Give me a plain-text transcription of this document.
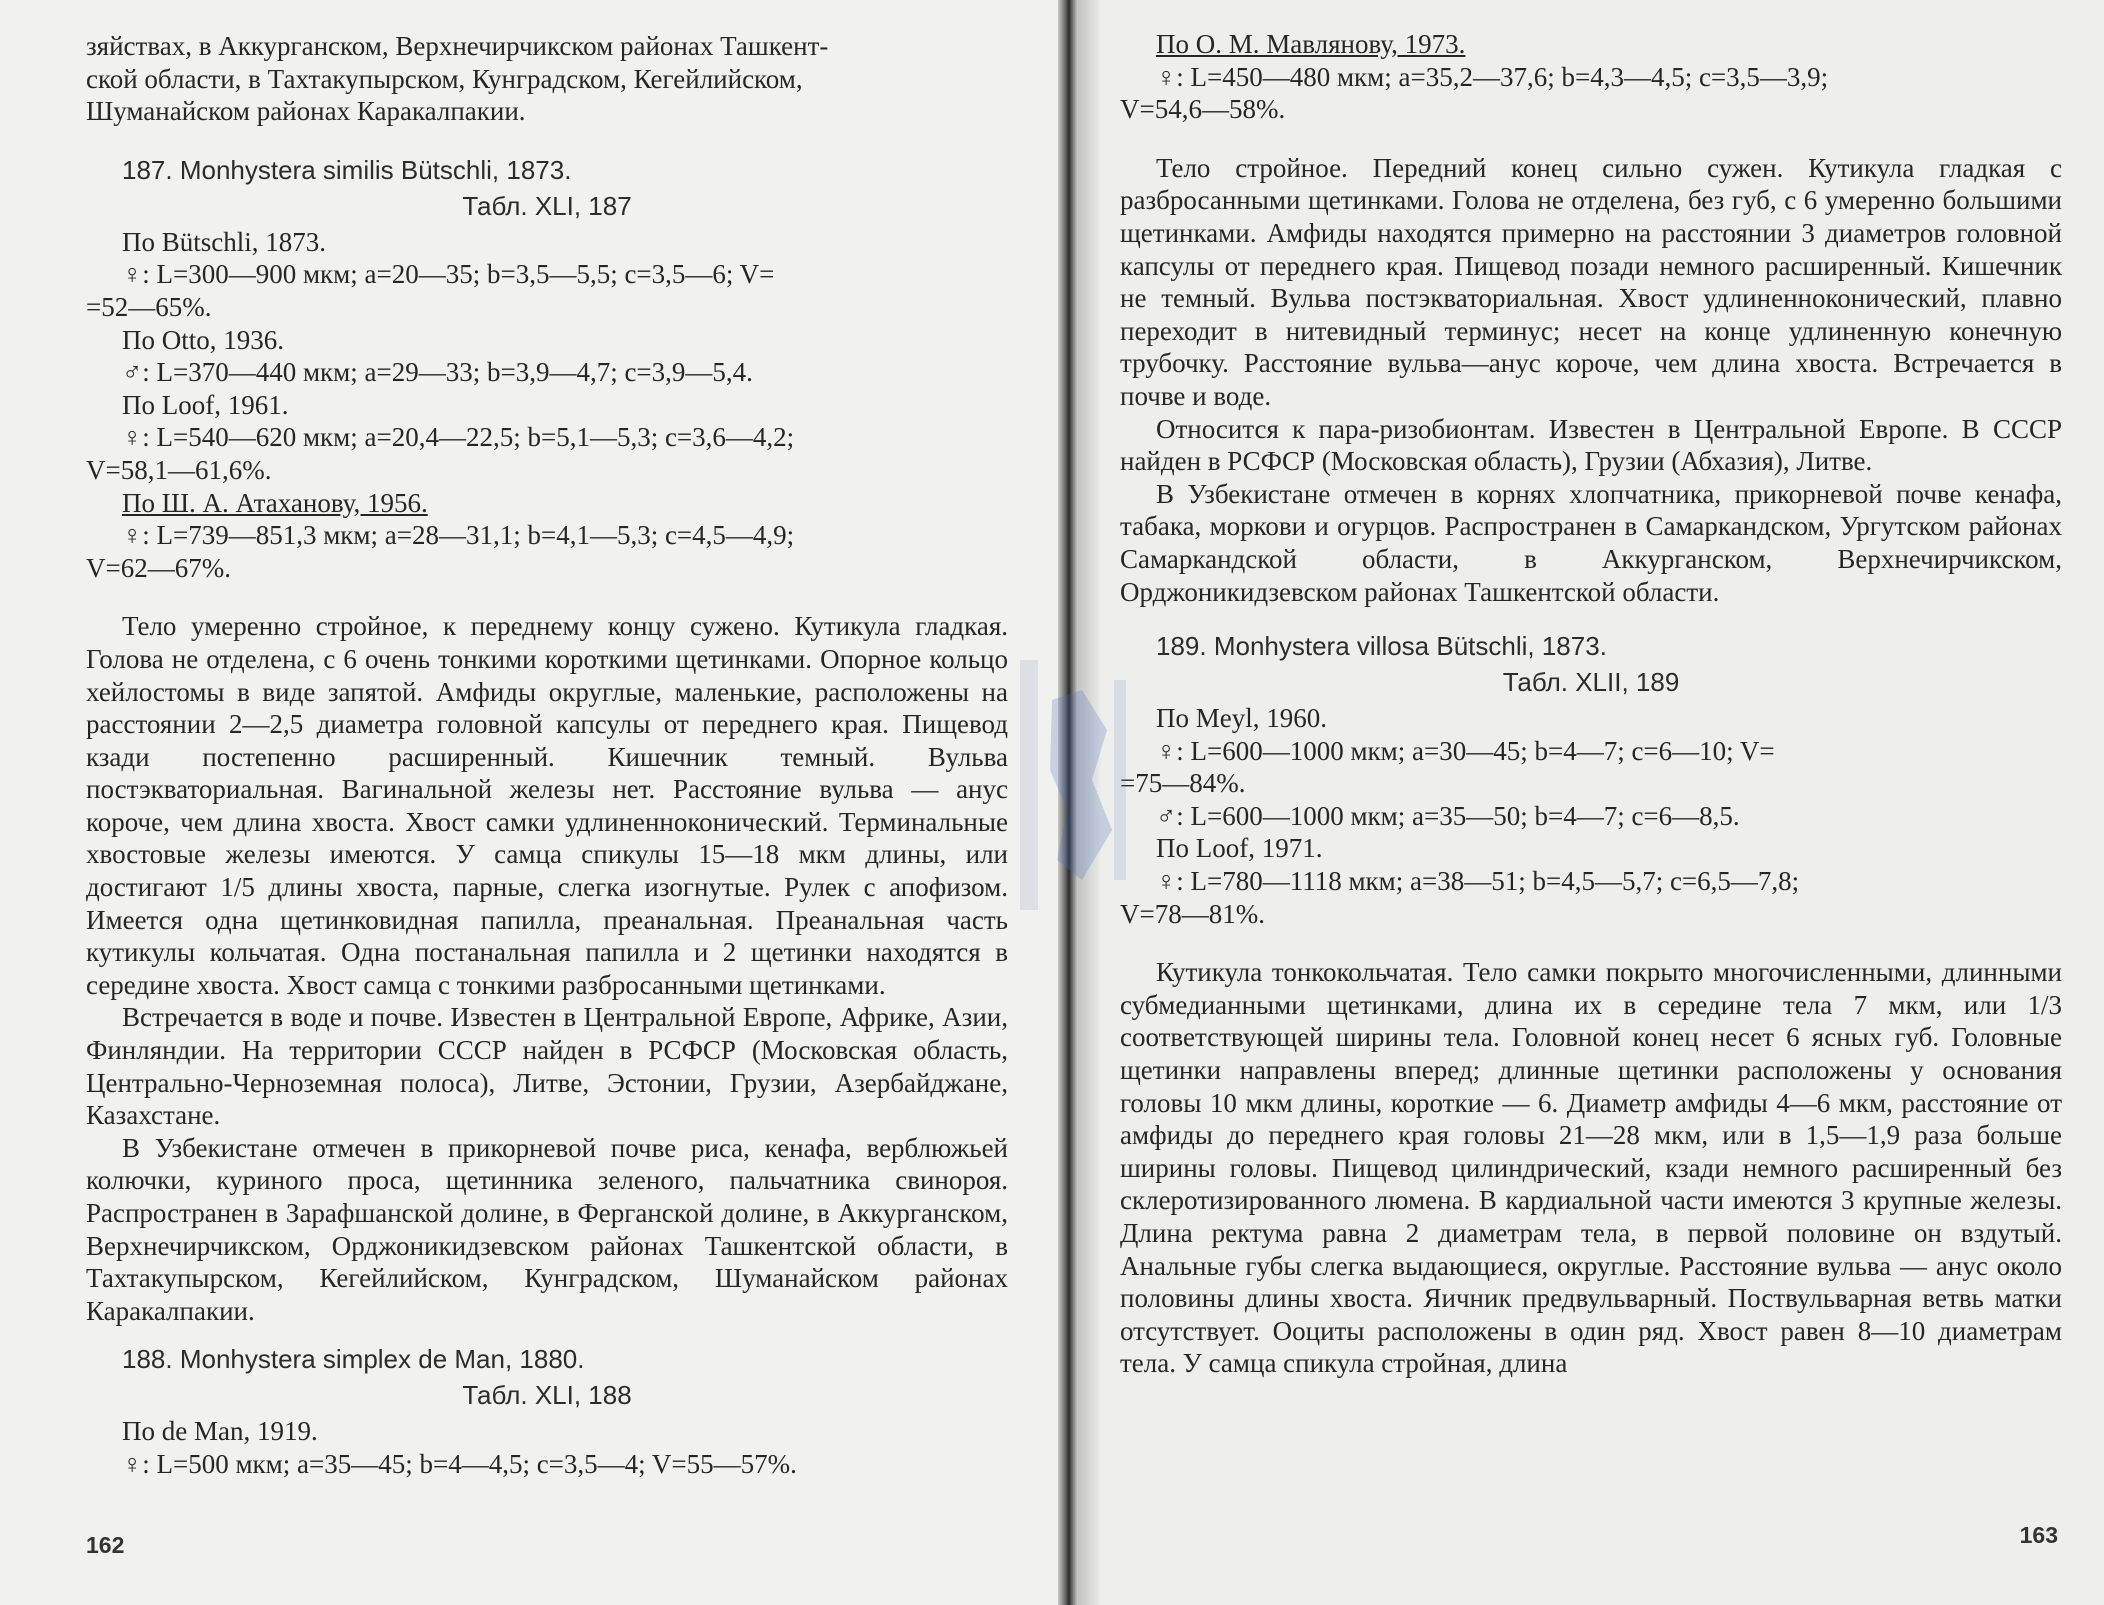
зяйствах, в Аккурганском, Верхнечирчикском районах Ташкент-

ской области, в Тахтакупырском, Кунградском, Кегейлийском,

Шуманайском районах Каракалпакии.

187. Monhystera similis Bütschli, 1873.
Табл. XLI, 187
По Bütschli, 1873.
♀: L=300—900 мкм; a=20—35; b=3,5—5,5; c=3,5—6; V=
=52—65%.
По Otto, 1936.
♂: L=370—440 мкм; a=29—33; b=3,9—4,7; c=3,9—5,4.
По Loof, 1961.
♀: L=540—620 мкм; a=20,4—22,5; b=5,1—5,3; c=3,6—4,2;
V=58,1—61,6%.
По Ш. А. Атаханову, 1956.
♀: L=739—851,3 мкм; a=28—31,1; b=4,1—5,3; c=4,5—4,9;
V=62—67%.

Тело умеренно стройное, к переднему концу сужено. Кутикула гладкая. Голова не отделена, с 6 очень тонкими короткими щетинками. Опорное кольцо хейлостомы в виде запятой. Амфиды округлые, маленькие, расположены на расстоянии 2—2,5 диаметра головной капсулы от переднего края. Пищевод кзади постепенно расширенный. Кишечник темный. Вульва постэкваториальная. Вагинальной железы нет. Расстояние вульва — анус короче, чем длина хвоста. Хвост самки удлиненноконический. Терминальные хвостовые железы имеются. У самца спикулы 15—18 мкм длины, или достигают 1/5 длины хвоста, парные, слегка изогнутые. Рулек с апофизом. Имеется одна щетинковидная папилла, преанальная. Преанальная часть кутикулы кольчатая. Одна постанальная папилла и 2 щетинки находятся в середине хвоста. Хвост самца с тонкими разбросанными щетинками.

Встречается в воде и почве. Известен в Центральной Европе, Африке, Азии, Финляндии. На территории СССР найден в РСФСР (Московская область, Центрально-Черноземная полоса), Литве, Эстонии, Грузии, Азербайджане, Казахстане.

В Узбекистане отмечен в прикорневой почве риса, кенафа, верблюжьей колючки, куриного проса, щетинника зеленого, пальчатника свинороя. Распространен в Зарафшанской долине, в Ферганской долине, в Аккурганском, Верхнечирчикском, Орджоникидзевском районах Ташкентской области, в Тахтакупырском, Кегейлийском, Кунградском, Шуманайском районах Каракалпакии.

188. Monhystera simplex de Man, 1880.
Табл. XLI, 188
По de Man, 1919.
♀: L=500 мкм; a=35—45; b=4—4,5; c=3,5—4; V=55—57%.
162
По О. М. Мавлянову, 1973.
♀: L=450—480 мкм; a=35,2—37,6; b=4,3—4,5; c=3,5—3,9;
V=54,6—58%.

Тело стройное. Передний конец сильно сужен. Кутикула гладкая с разбросанными щетинками. Голова не отделена, без губ, с 6 умеренно большими щетинками. Амфиды находятся примерно на расстоянии 3 диаметров головной капсулы от переднего края. Пищевод позади немного расширенный. Кишечник не темный. Вульва постэкваториальная. Хвост удлиненноконический, плавно переходит в нитевидный терминус; несет на конце удлиненную конечную трубочку. Расстояние вульва—анус короче, чем длина хвоста. Встречается в почве и воде.

Относится к пара-ризобионтам. Известен в Центральной Европе. В СССР найден в РСФСР (Московская область), Грузии (Абхазия), Литве.

В Узбекистане отмечен в корнях хлопчатника, прикорневой почве кенафа, табака, моркови и огурцов. Распространен в Самаркандском, Ургутском районах Самаркандской области, в Аккурганском, Верхнечирчикском, Орджоникидзевском районах Ташкентской области.

189. Monhystera villosa Bütschli, 1873.
Табл. XLII, 189
По Meyl, 1960.
♀: L=600—1000 мкм; a=30—45; b=4—7; c=6—10; V=
=75—84%.
♂: L=600—1000 мкм; a=35—50; b=4—7; c=6—8,5.
По Loof, 1971.
♀: L=780—1118 мкм; a=38—51; b=4,5—5,7; c=6,5—7,8;
V=78—81%.

Кутикула тонкокольчатая. Тело самки покрыто многочисленными, длинными субмедианными щетинками, длина их в середине тела 7 мкм, или 1/3 соответствующей ширины тела. Головной конец несет 6 ясных губ. Головные щетинки направлены вперед; длинные щетинки расположены у основания головы 10 мкм длины, короткие — 6. Диаметр амфиды 4—6 мкм, расстояние от амфиды до переднего края головы 21—28 мкм, или в 1,5—1,9 раза больше ширины головы. Пищевод цилиндрический, кзади немного расширенный без склеротизированного люмена. В кардиальной части имеются 3 крупные железы. Длина ректума равна 2 диаметрам тела, в первой половине он вздутый. Анальные губы слегка выдающиеся, округлые. Расстояние вульва — анус около половины длины хвоста. Яичник предвульварный. Поствульварная ветвь матки отсутствует. Ооциты расположены в один ряд. Хвост равен 8—10 диаметрам тела. У самца спикула стройная, длина

163
